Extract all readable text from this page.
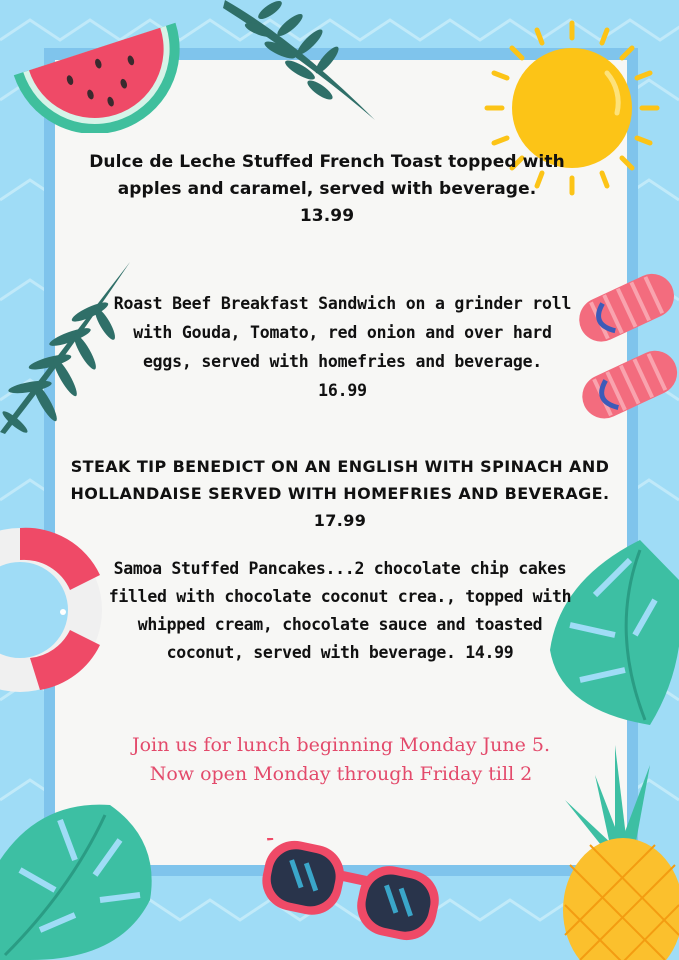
Dulce de Leche Stuffed French Toast topped with
apples and caramel, served with beverage.
13.99

Roast Beef Breakfast Sandwich on a grinder roll
with Gouda, Tomato, red onion and over hard
eggs, served with homefries and beverage.
16.99

STEAK TIP BENEDICT ON AN ENGLISH WITH SPINACH AND
HOLLANDAISE SERVED WITH HOMEFRIES AND BEVERAGE.
17.99

Samoa Stuffed Pancakes...2 chocolate chip cakes
filled with chocolate coconut crea., topped with
whipped cream, chocolate sauce and toasted
coconut, served with beverage. 14.99

Join us for lunch beginning Monday June 5.
Now open Monday through Friday till 2
